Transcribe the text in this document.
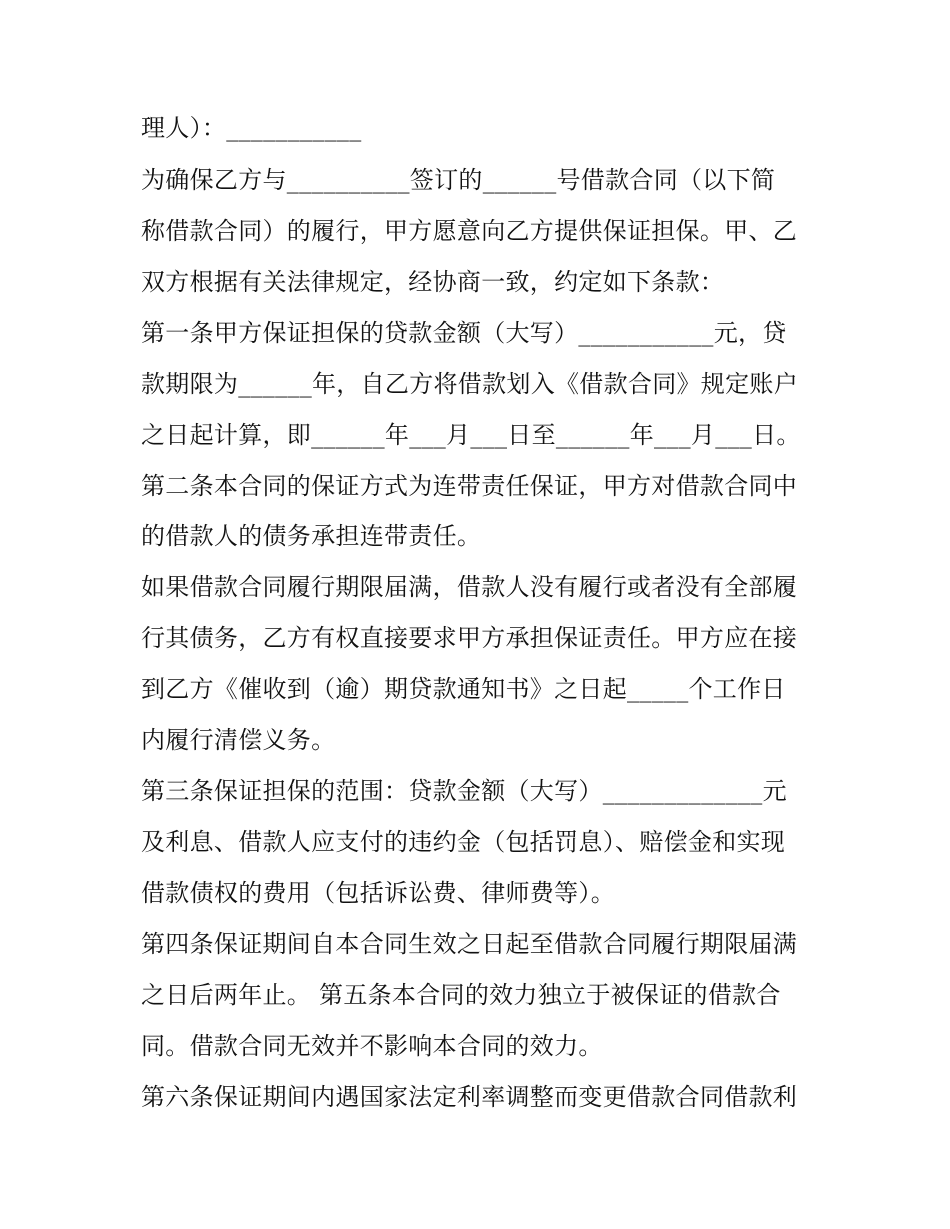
理人）：___________
为确保乙方与__________签订的______号借款合同（以下简
称借款合同）的履行，甲方愿意向乙方提供保证担保。甲、乙
双方根据有关法律规定，经协商一致，约定如下条款：
第一条甲方保证担保的贷款金额（大写）___________元，贷
款期限为______年，自乙方将借款划入《借款合同》规定账户
之日起计算，即______年___月___日至______年___月___日。
第二条本合同的保证方式为连带责任保证，甲方对借款合同中
的借款人的债务承担连带责任。
如果借款合同履行期限届满，借款人没有履行或者没有全部履
行其债务，乙方有权直接要求甲方承担保证责任。甲方应在接
到乙方《催收到（逾）期贷款通知书》之日起_____个工作日
内履行清偿义务。
第三条保证担保的范围：贷款金额（大写）_____________元
及利息、借款人应支付的违约金（包括罚息）、赔偿金和实现
借款债权的费用（包括诉讼费、律师费等）。
第四条保证期间自本合同生效之日起至借款合同履行期限届满
之日后两年止。 第五条本合同的效力独立于被保证的借款合
同。借款合同无效并不影响本合同的效力。
第六条保证期间内遇国家法定利率调整而变更借款合同借款利
